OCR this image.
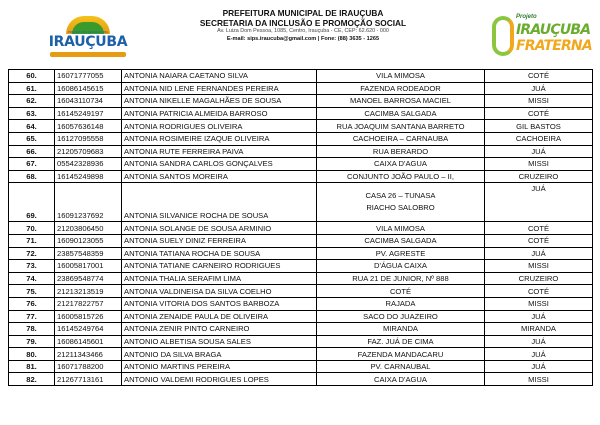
PREFEITURA DE IRAUÇUBA
IRAUÇUBA
PREFEITURA MUNICIPAL DE IRAUÇUBA
SECRETARIA DA INCLUSÃO E PROMOÇÃO SOCIAL
Av. Luiza Dom Pessoa, 1085, Centro, Irauçuba - CE, CEP: 62.620 - 000
E-mail: sips.iraucuba@gmail.com | Fone: (88) 3635 - 1265
Projeto
IRAUÇUBA
FRATERNA
60.	16071777055	ANTONIA NAIARA CAETANO SILVA	VILA MIMOSA	COTÉ
61.	16086145615	ANTONIA NID LENE FERNANDES PEREIRA	FAZENDA RODEADOR	JUÁ
62.	16043110734	ANTONIA NIKELLE MAGALHÃES DE SOUSA	MANOEL BARROSA MACIEL	MISSI
63.	16145249197	ANTONIA PATRICIA ALMEIDA BARROSO	CACIMBA SALGADA	COTÉ
64.	16057636148	ANTONIA RODRIGUES OLIVEIRA	RUA JOAQUIM SANTANA BARRETO	GIL BASTOS
65.	16127095558	ANTONIA ROSIMEIRE IZAQUE OLIVEIRA	CACHOEIRA – CARNAUBA	CACHOEIRA
66.	21205709683	ANTONIA RUTE FERREIRA PAIVA	RUA BERARDO	JUÁ
67.	05542328936	ANTONIA SANDRA CARLOS GONÇALVES	CAIXA D'AGUA	MISSI
68.	16145249898	ANTONIA SANTOS MOREIRA	CONJUNTO JOÃO PAULO – II,	CRUZEIRO
69.	16091237692	ANTONIA SILVANICE ROCHA DE SOUSA	CASA 26 – TUNASA
RIACHO SALOBRO	JUÁ
70.	21203806450	ANTONIA SOLANGE DE SOUSA ARMINIO	VILA MIMOSA	COTÉ
71.	16090123055	ANTONIA SUELY DINIZ FERREIRA	CACIMBA SALGADA	COTÉ
72.	23857548359	ANTONIA TATIANA ROCHA DE SOUSA	PV. AGRESTE	JUÁ
73.	16005817001	ANTONIA TATIANE CARNEIRO RODRIGUES	D'ÁGUA CAIXA	MISSI
74.	23869548774	ANTONIA THALIA SERAFIM LIMA	RUA 21 DE JUNIOR, Nº 888	CRUZEIRO
75.	21213213519	ANTONIA VALDINEISA DA SILVA COELHO	COTÉ	COTÉ
76.	21217822757	ANTONIA VITORIA DOS SANTOS BARBOZA	RAJADA	MISSI
77.	16005815726	ANTONIA ZENAIDE PAULA DE OLIVEIRA	SACO DO JUAZEIRO	JUÁ
78.	16145249764	ANTONIA ZENIR PINTO CARNEIRO	MIRANDA	MIRANDA
79.	16086145601	ANTONIO ALBETISA SOUSA SALES	FAZ. JUÁ DE CIMA	JUÁ
80.	21211343466	ANTONIO DA SILVA BRAGA	FAZENDA MANDACARU	JUÁ
81.	16071788200	ANTONIO MARTINS PEREIRA	PV. CARNAUBAL	JUÁ
82.	21267713161	ANTONIO VALDEMI RODRIGUES LOPES	CAIXA D'AGUA	MISSI
